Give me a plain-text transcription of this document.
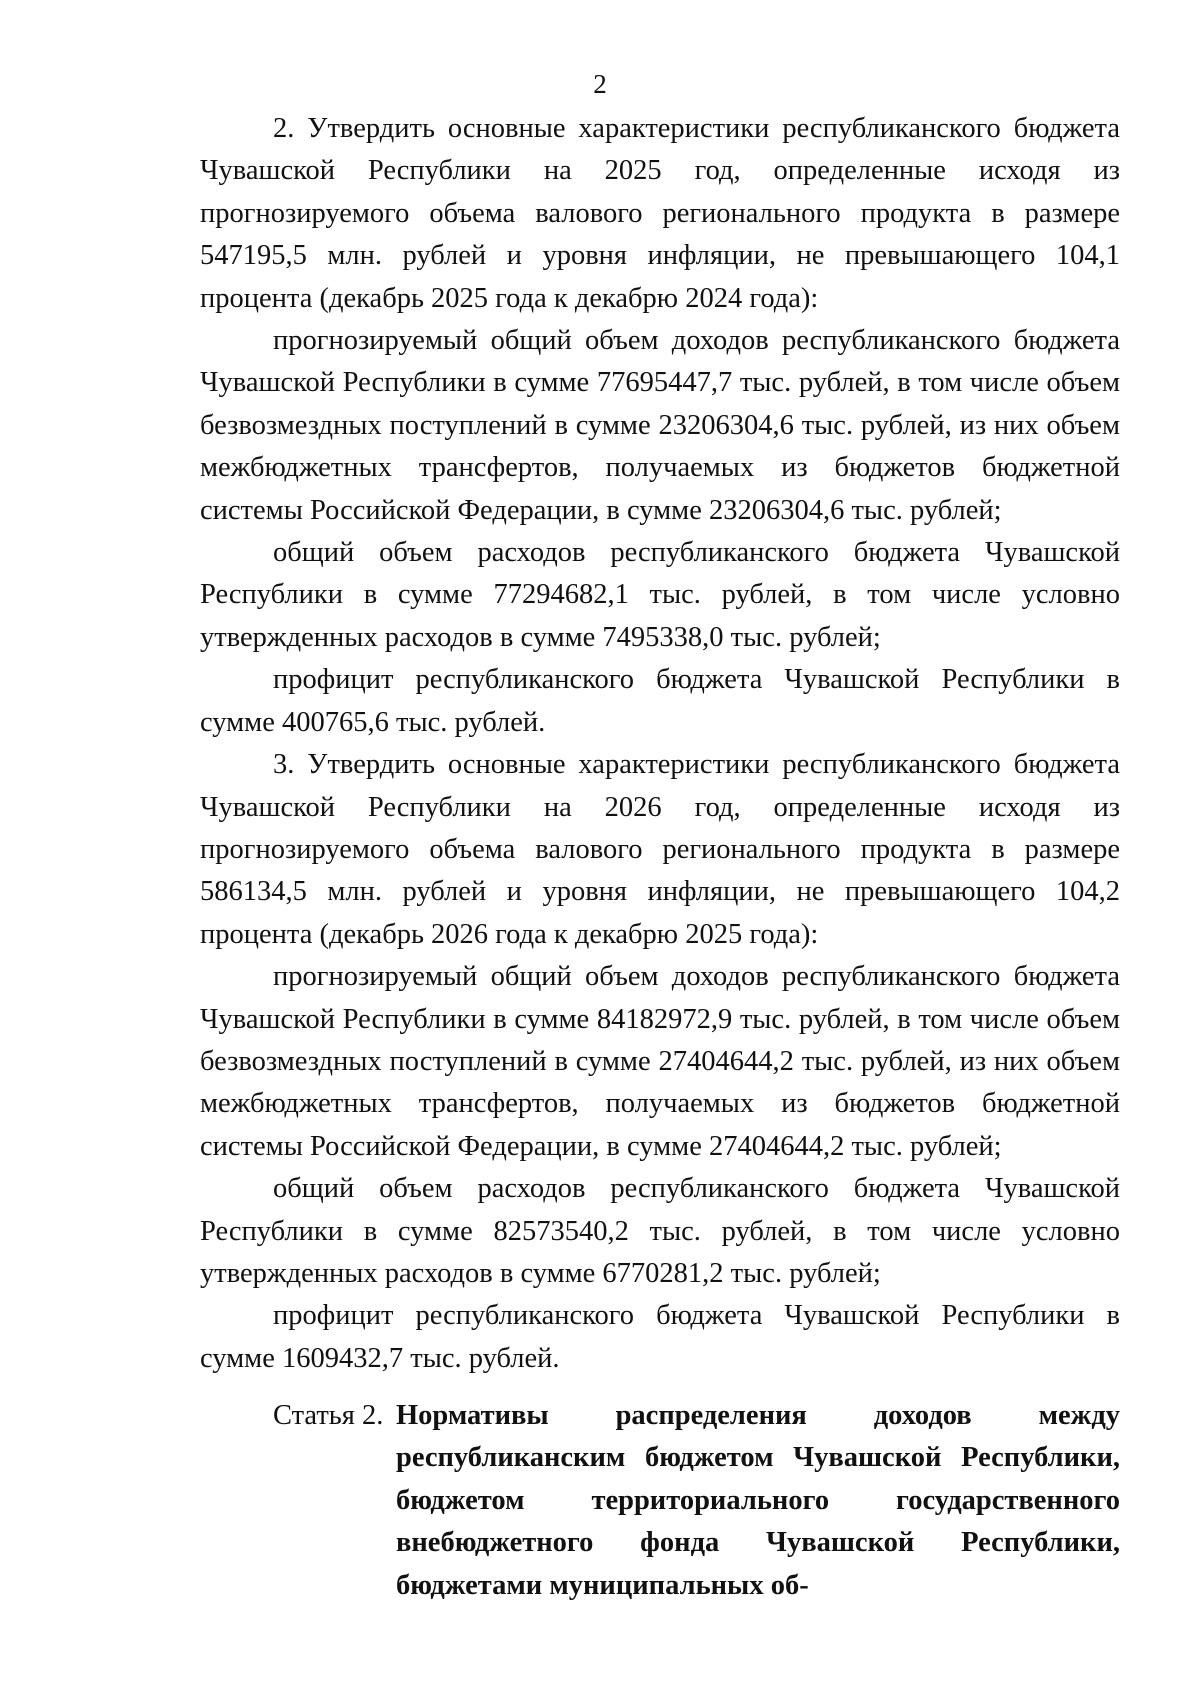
2

2. Утвердить основные характеристики республиканского бюджета Чувашской Республики на 2025 год, определенные исходя из прогнозируемого объема валового регионального продукта в размере 547195,5 млн. рублей и уровня инфляции, не превышающего 104,1 процента (декабрь 2025 года к декабрю 2024 года):

прогнозируемый общий объем доходов республиканского бюджета Чувашской Республики в сумме 77695447,7 тыс. рублей, в том числе объем безвозмездных поступлений в сумме 23206304,6 тыс. рублей, из них объем межбюджетных трансфертов, получаемых из бюджетов бюджетной системы Российской Федерации, в сумме 23206304,6 тыс. рублей;

общий объем расходов республиканского бюджета Чувашской Республики в сумме 77294682,1 тыс. рублей, в том числе условно утвержденных расходов в сумме 7495338,0 тыс. рублей;

профицит республиканского бюджета Чувашской Республики в сумме 400765,6 тыс. рублей.

3. Утвердить основные характеристики республиканского бюджета Чувашской Республики на 2026 год, определенные исходя из прогнозируемого объема валового регионального продукта в размере 586134,5 млн. рублей и уровня инфляции, не превышающего 104,2 процента (декабрь 2026 года к декабрю 2025 года):

прогнозируемый общий объем доходов республиканского бюджета Чувашской Республики в сумме 84182972,9 тыс. рублей, в том числе объем безвозмездных поступлений в сумме 27404644,2 тыс. рублей, из них объем межбюджетных трансфертов, получаемых из бюджетов бюджетной системы Российской Федерации, в сумме 27404644,2 тыс. рублей;

общий объем расходов республиканского бюджета Чувашской Республики в сумме 82573540,2 тыс. рублей, в том числе условно утвержденных расходов в сумме 6770281,2 тыс. рублей;

профицит республиканского бюджета Чувашской Республики в сумме 1609432,7 тыс. рублей.

Статья 2. Нормативы распределения доходов между республиканским бюджетом Чувашской Республики, бюджетом территориального государственного внебюджетного фонда Чувашской Республики, бюджетами муниципальных об-
